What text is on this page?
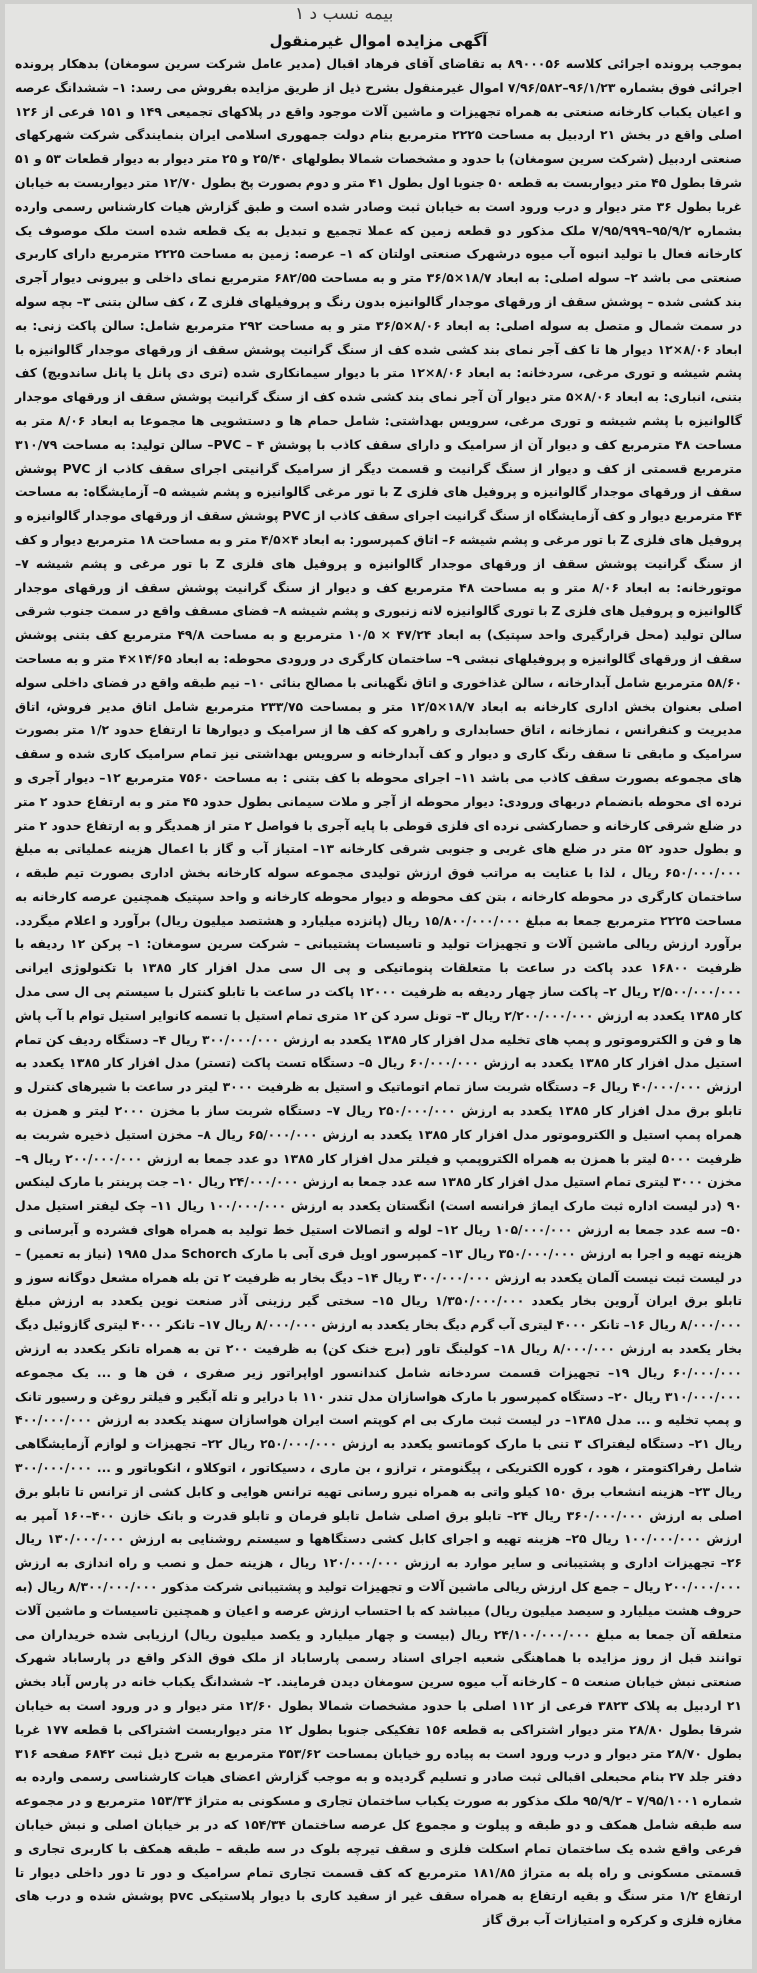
بیمه نسب د ۱
آگهی مزایده اموال غیرمنقول

بموجب پرونده اجرائی کلاسه ۸۹۰۰۰۵۶ به تقاضای آقای فرهاد اقبال (مدیر عامل شرکت سرین سومغان) بدهکار پرونده اجرائی فوق بشماره ۹۶/۱/۲۳–۷/۹۶/۵۸۲ اموال غیرمنقول بشرح ذیل از طریق مزایده بفروش می رسد: ۱– ششدانگ عرصه و اعیان یکباب کارخانه صنعتی به همراه تجهیزات و ماشین آلات موجود واقع در پلاکهای تجمیعی ۱۴۹ و ۱۵۱ فرعی از ۱۲۶ اصلی واقع در بخش ۲۱ اردبیل به مساحت ۲۲۲۵ مترمربع بنام دولت جمهوری اسلامی ایران بنمایندگی شرکت شهرکهای صنعتی اردبیل (شرکت سرین سومغان) با حدود و مشخصات شمالا بطولهای ۲۵/۴۰ و ۲۵ متر دیوار به دیوار قطعات ۵۳ و ۵۱ شرقا بطول ۴۵ متر دیواربست به قطعه ۵۰ جنوبا اول بطول ۴۱ متر و دوم بصورت پخ بطول ۱۲/۷۰ متر دیواربست به خیابان غربا بطول ۳۶ متر دیوار و درب ورود است به خیابان ثبت وصادر شده است و طبق گزارش هیات کارشناس رسمی وارده بشماره ۹۵/۹/۲–۷/۹۵/۹۹۹ ملک مذکور دو قطعه زمین که عملا تجمیع و تبدیل به یک قطعه شده است ملک موصوف یک کارخانه فعال با تولید انبوه آب میوه درشهرک صنعتی اولتان که ۱– عرصه: زمین به مساحت ۲۲۲۵ مترمربع دارای کاربری صنعتی می باشد ۲– سوله اصلی: به ابعاد ۱۸/۷×۳۶/۵ متر و به مساحت ۶۸۲/۵۵ مترمربع نمای داخلی و بیرونی دیوار آجری بند کشی شده – پوشش سقف از ورقهای موجدار گالوانیزه بدون رنگ و پروفیلهای فلزی Z ، کف سالن بتنی ۳– بچه سوله در سمت شمال و متصل به سوله اصلی: به ابعاد ۸/۰۶×۳۶/۵ متر و به مساحت ۲۹۲ مترمربع شامل: سالن پاکت زنی: به ابعاد ۸/۰۶×۱۲ دیوار ها تا کف آجر نمای بند کشی شده کف از سنگ گرانیت پوشش سقف از ورقهای موجدار گالوانیزه با پشم شیشه و توری مرغی، سردخانه: به ابعاد ۸/۰۶×۱۲ متر با دیوار سیمانکاری شده (تری دی پانل یا پانل ساندویچ) کف بتنی، انباری: به ابعاد ۸/۰۶×۵ متر دیوار آن آجر نمای بند کشی شده کف از سنگ گرانیت پوشش سقف از ورقهای موجدار گالوانیزه با پشم شیشه و توری مرغی، سرویس بهداشتی: شامل حمام ها و دستشویی ها مجموعا به ابعاد ۸/۰۶ متر به مساحت ۴۸ مترمربع کف و دیوار آن از سرامیک و دارای سقف کاذب با پوشش PVC – ۴– سالن تولید: به مساحت ۳۱۰/۷۹ مترمربع قسمتی از کف و دیوار از سنگ گرانیت و قسمت دیگر از سرامیک گرانیتی اجرای سقف کاذب از PVC پوشش سقف از ورقهای موجدار گالوانیزه و پروفیل های فلزی Z با تور مرغی گالوانیزه و پشم شیشه ۵– آزمایشگاه: به مساحت ۴۴ مترمربع دیوار و کف آزمایشگاه از سنگ گرانیت اجرای سقف کاذب از PVC پوشش سقف از ورقهای موجدار گالوانیزه و پروفیل های فلزی Z با تور مرغی و پشم شیشه ۶– اتاق کمپرسور: به ابعاد ۴×۴/۵ متر و به مساحت ۱۸ مترمربع دیوار و کف از سنگ گرانیت پوشش سقف از ورقهای موجدار گالوانیزه و پروفیل های فلزی Z با تور مرغی و پشم شیشه ۷– موتورخانه: به ابعاد ۸/۰۶ متر و به مساحت ۴۸ مترمربع کف و دیوار از سنگ گرانیت پوشش سقف از ورقهای موجدار گالوانیزه و پروفیل های فلزی Z با توری گالوانیزه لانه زنبوری و پشم شیشه ۸– فضای مسقف واقع در سمت جنوب شرقی سالن تولید (محل قرارگیری واحد سپتیک) به ابعاد ۴۷/۲۴ × ۱۰/۵ مترمربع و به مساحت ۴۹/۸ مترمربع کف بتنی پوشش سقف از ورقهای گالوانیزه و پروفیلهای نبشی ۹– ساختمان کارگری در ورودی محوطه: به ابعاد ۱۴/۶۵×۴ متر و به مساحت ۵۸/۶۰ مترمربع شامل آبدارخانه ، سالن غذاخوری و اتاق نگهبانی با مصالح بنائی ۱۰– نیم طبقه واقع در فضای داخلی سوله اصلی بعنوان بخش اداری کارخانه به ابعاد ۱۸/۷×۱۲/۵ متر و بمساحت ۲۳۳/۷۵ مترمربع شامل اتاق مدیر فروش، اتاق مدیریت و کنفرانس ، نمازخانه ، اتاق حسابداری و راهرو که کف ها از سرامیک و دیوارها تا ارتفاع حدود ۱/۲ متر بصورت سرامیک و مابقی تا سقف رنگ کاری و دیوار و کف آبدارخانه و سرویس بهداشتی نیز تمام سرامیک کاری شده و سقف های مجموعه بصورت سقف کاذب می باشد ۱۱– اجرای محوطه با کف بتنی : به مساحت ۷۵۶۰ مترمربع ۱۲– دیوار آجری و نرده ای محوطه بانضمام دربهای ورودی: دیوار محوطه از آجر و ملات سیمانی بطول حدود ۴۵ متر و به ارتفاع حدود ۲ متر در ضلع شرقی کارخانه و حصارکشی نرده ای فلزی قوطی با پایه آجری با فواصل ۲ متر از همدیگر و به ارتفاع حدود ۲ متر و بطول حدود ۵۲ متر در ضلع های غربی و جنوبی شرقی کارخانه ۱۳– امتیاز آب و گاز با اعمال هزینه عملیاتی به مبلغ ۶۵۰/۰۰۰/۰۰۰ ریال ، لذا با عنایت به مراتب فوق ارزش تولیدی مجموعه سوله کارخانه بخش اداری بصورت تیم طبقه ، ساختمان کارگری در محوطه کارخانه ، بتن کف محوطه و دیوار محوطه کارخانه و واحد سپتیک همچنین عرصه کارخانه به مساحت ۲۲۲۵ مترمربع جمعا به مبلغ ۱۵/۸۰۰/۰۰۰/۰۰۰ ریال (پانزده میلیارد و هشتصد میلیون ریال) برآورد و اعلام میگردد. برآورد ارزش ریالی ماشین آلات و تجهیزات تولید و تاسیسات پشتیبانی – شرکت سرین سومغان: ۱– پرکن ۱۲ ردیفه با ظرفیت ۱۶۸۰۰ عدد پاکت در ساعت با متعلقات پنوماتیکی و پی ال سی مدل افزار کار ۱۳۸۵ با تکنولوژی ایرانی ۲/۵۰۰/۰۰۰/۰۰۰ ریال ۲– پاکت ساز چهار ردیفه به ظرفیت ۱۲۰۰۰ پاکت در ساعت با تابلو کنترل با سیستم پی ال سی مدل کار ۱۳۸۵ یکعدد به ارزش ۲/۲۰۰/۰۰۰/۰۰۰ ریال ۳– تونل سرد کن ۱۲ متری تمام استیل با تسمه کانوایر استیل توام با آب پاش ها و فن و الکتروموتور و پمپ های تخلیه مدل افزار کار ۱۳۸۵ یکعدد به ارزش ۳۰۰/۰۰۰/۰۰۰ ریال ۴– دستگاه ردیف کن تمام استیل مدل افزار کار ۱۳۸۵ یکعدد به ارزش ۶۰/۰۰۰/۰۰۰ ریال ۵– دستگاه تست پاکت (تستر) مدل افزار کار ۱۳۸۵ یکعدد به ارزش ۴۰/۰۰۰/۰۰۰ ریال ۶– دستگاه شربت ساز تمام اتوماتیک و استیل به ظرفیت ۳۰۰۰ لیتر در ساعت با شیرهای کنترل و تابلو برق مدل افزار کار ۱۳۸۵ یکعدد به ارزش ۲۵۰/۰۰۰/۰۰۰ ریال ۷– دستگاه شربت ساز با مخزن ۲۰۰۰ لیتر و همزن به همراه پمپ استیل و الکتروموتور مدل افزار کار ۱۳۸۵ یکعدد به ارزش ۶۵/۰۰۰/۰۰۰ ریال ۸– مخزن استیل ذخیره شربت به ظرفیت ۵۰۰۰ لیتر با همزن به همراه الکتروپمپ و فیلتر مدل افزار کار ۱۳۸۵ دو عدد جمعا به ارزش ۲۰۰/۰۰۰/۰۰۰ ریال ۹– مخزن ۳۰۰۰ لیتری تمام استیل مدل افزار کار ۱۳۸۵ سه عدد جمعا به ارزش ۲۴/۰۰۰/۰۰۰ ریال ۱۰– جت پرینتر با مارک لینکس ۹۰ (در لیست اداره ثبت مارک ایماژ فرانسه است) انگستان یکعدد به ارزش ۱۰۰/۰۰۰/۰۰۰ ریال ۱۱– چک لیفتر استیل مدل ۵۰– سه عدد جمعا به ارزش ۱۰۵/۰۰۰/۰۰۰ ریال ۱۲– لوله و اتصالات استیل خط تولید به همراه هوای فشرده و آبرسانی و هزینه تهیه و اجرا به ارزش ۳۵۰/۰۰۰/۰۰۰ ریال ۱۳– کمپرسور اویل فری آبی با مارک Schorch مدل ۱۹۸۵ (نیاز به تعمیر) – در لیست ثبت نیست آلمان یکعدد به ارزش ۳۰۰/۰۰۰/۰۰۰ ریال ۱۴– دیگ بخار به ظرفیت ۲ تن بله همراه مشعل دوگانه سوز و تابلو برق ایران آروین بخار یکعدد ۱/۳۵۰/۰۰۰/۰۰۰ ریال ۱۵– سختی گیر رزینی آذر صنعت نوین یکعدد به ارزش مبلغ ۸/۰۰۰/۰۰۰ ریال ۱۶– تانکر ۴۰۰۰ لیتری آب گرم دیگ بخار یکعدد به ارزش ۸/۰۰۰/۰۰۰ ریال ۱۷– تانکر ۴۰۰۰ لیتری گازوئیل دیگ بخار یکعدد به ارزش ۸/۰۰۰/۰۰۰ ریال ۱۸– کولینگ تاور (برج خنک کن) به ظرفیت ۲۰۰ تن به همراه تانکر یکعدد به ارزش ۶۰/۰۰۰/۰۰۰ ریال ۱۹– تجهیزات قسمت سردخانه شامل کندانسور اواپراتور زیر صفری ، فن ها و ... یک مجموعه ۳۱۰/۰۰۰/۰۰۰ ریال ۲۰– دستگاه کمپرسور با مارک هواسازان مدل تندر ۱۱۰ با درایر و تله آبگیر و فیلتر روغن و رسیور تانک و پمپ تخلیه و ... مدل ۱۳۸۵– در لیست ثبت مارک بی ام کوپتم است ایران هواسازان سهند یکعدد به ارزش ۴۰۰/۰۰۰/۰۰۰ ریال ۲۱– دستگاه لیفتراک ۳ تنی با مارک کوماتسو یکعدد به ارزش ۲۵۰/۰۰۰/۰۰۰ ریال ۲۲– تجهیزات و لوازم آزمایشگاهی شامل رفراکتومتر ، هود ، کوره الکتریکی ، پیگنومتر ، ترازو ، بن ماری ، دسیکاتور ، اتوکلاو ، انکوباتور و ... ۳۰۰/۰۰۰/۰۰۰ ریال ۲۳– هزینه انشعاب برق ۱۵۰ کیلو واتی به همراه نیرو رسانی تهیه ترانس هوایی و کابل کشی از ترانس تا تابلو برق اصلی به ارزش ۳۶۰/۰۰۰/۰۰۰ ریال ۲۴– تابلو برق اصلی شامل تابلو فرمان و تابلو قدرت و بانک خازن ۴۰۰–۱۶۰ آمپر به ارزش ۱۰۰/۰۰۰/۰۰۰ ریال ۲۵– هزینه تهیه و اجرای کابل کشی دستگاهها و سیستم روشنایی به ارزش ۱۳۰/۰۰۰/۰۰۰ ریال ۲۶– تجهیزات اداری و پشتیبانی و سایر موارد به ارزش ۱۲۰/۰۰۰/۰۰۰ ریال ، هزینه حمل و نصب و راه اندازی به ارزش ۲۰۰/۰۰۰/۰۰۰ ریال – جمع کل ارزش ریالی ماشین آلات و تجهیزات تولید و پشتیبانی شرکت مذکور ۸/۳۰۰/۰۰۰/۰۰۰ ریال (به حروف هشت میلیارد و سیصد میلیون ریال) میباشد که با احتساب ارزش عرصه و اعیان و همچنین تاسیسات و ماشین آلات متعلقه آن جمعا به مبلغ ۲۴/۱۰۰/۰۰۰/۰۰۰ ریال (بیست و چهار میلیارد و یکصد میلیون ریال) ارزیابی شده خریداران می توانند قبل از روز مزایده با هماهنگی شعبه اجرای اسناد رسمی پارساباد از ملک فوق الذکر واقع در پارساباد شهرک صنعتی نبش خیابان صنعت ۵ – کارخانه آب میوه سرین سومغان دیدن فرمایند. ۲– ششدانگ یکباب خانه در پارس آباد بخش ۲۱ اردبیل به پلاک ۳۸۲۳ فرعی از ۱۱۲ اصلی با حدود مشخصات شمالا بطول ۱۲/۶۰ متر دیوار و در ورود است به خیابان شرقا بطول ۲۸/۸۰ متر دیوار اشتراکی به قطعه ۱۵۶ تفکیکی جنوبا بطول ۱۲ متر دیواربست اشتراکی با قطعه ۱۷۷ غربا بطول ۲۸/۷۰ متر دیوار و درب ورود است به پیاده رو خیابان بمساحت ۳۵۳/۶۲ مترمربع به شرح ذیل ثبت ۶۸۴۲ صفحه ۳۱۶ دفتر جلد ۲۷ بنام محبعلی اقبالی ثبت صادر و تسلیم گردیده و به موجب گزارش اعضای هیات کارشناسی رسمی وارده به شماره ۷/۹۵/۱۰۰۱ – ۹۵/۹/۲ ملک مذکور به صورت یکباب ساختمان تجاری و مسکونی به متراژ ۱۵۳/۳۴ مترمربع و در مجموعه سه طبقه شامل همکف و دو طبقه و پیلوت و مجموع کل عرصه ساختمان ۱۵۴/۳۴ که در بر خیابان اصلی و نبش خیابان فرعی واقع شده یک ساختمان تمام اسکلت فلزی و سقف تیرچه بلوک در سه طبقه – طبقه همکف با کاربری تجاری و قسمتی مسکونی و راه پله به متراژ ۱۸۱/۸۵ مترمربع که کف قسمت تجاری تمام سرامیک و دور تا دور داخلی دیوار تا ارتفاع ۱/۲ متر سنگ و بقیه ارتفاع به همراه سقف غیر از سفید کاری با دیوار پلاستیکی pvc پوشش شده و درب های مغازه فلزی و کرکره و امتیازات آب برق گاز
